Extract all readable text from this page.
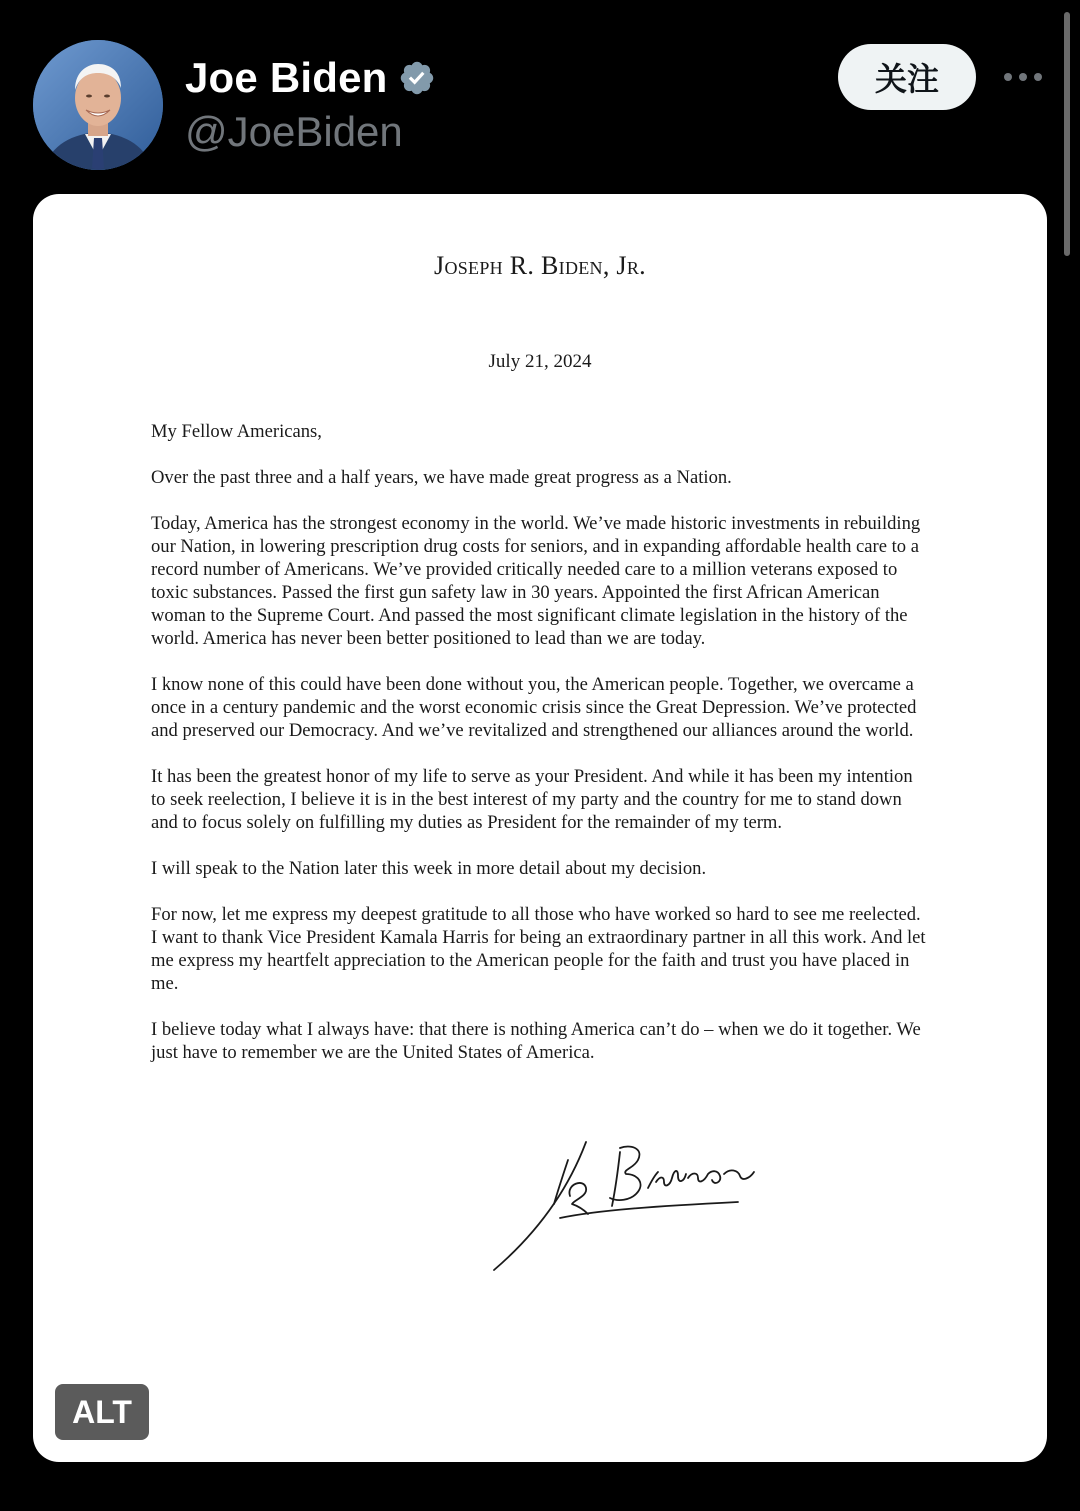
Joe Biden
@JoeBiden
关注
Joseph R. Biden, Jr.
July 21, 2024

My Fellow Americans,

Over the past three and a half years, we have made great progress as a Nation.

Today, America has the strongest economy in the world. We’ve made historic investments in rebuilding our Nation, in lowering prescription drug costs for seniors, and in expanding affordable health care to a record number of Americans. We’ve provided critically needed care to a million veterans exposed to toxic substances. Passed the first gun safety law in 30 years. Appointed the first African American woman to the Supreme Court. And passed the most significant climate legislation in the history of the world. America has never been better positioned to lead than we are today.

I know none of this could have been done without you, the American people. Together, we overcame a once in a century pandemic and the worst economic crisis since the Great Depression. We’ve protected and preserved our Democracy. And we’ve revitalized and strengthened our alliances around the world.

It has been the greatest honor of my life to serve as your President. And while it has been my intention to seek reelection, I believe it is in the best interest of my party and the country for me to stand down and to focus solely on fulfilling my duties as President for the remainder of my term.

I will speak to the Nation later this week in more detail about my decision.

For now, let me express my deepest gratitude to all those who have worked so hard to see me reelected. I want to thank Vice President Kamala Harris for being an extraordinary partner in all this work. And let me express my heartfelt appreciation to the American people for the faith and trust you have placed in me.

I believe today what I always have: that there is nothing America can’t do – when we do it together. We just have to remember we are the United States of America.

ALT
